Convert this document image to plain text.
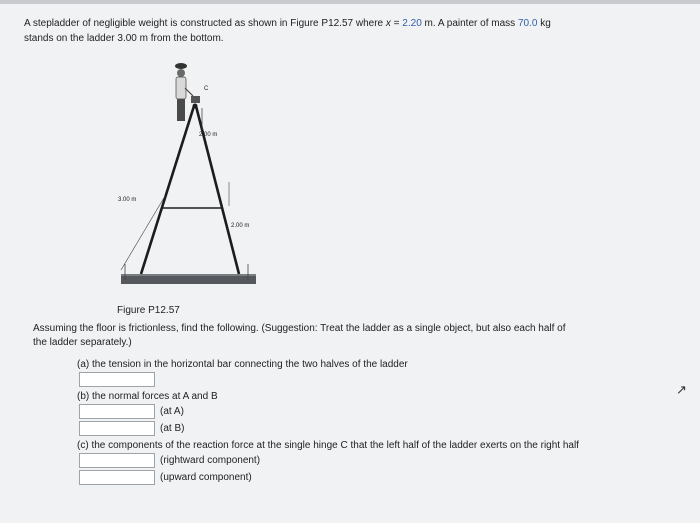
A stepladder of negligible weight is constructed as shown in Figure P12.57 where x = 2.20 m. A painter of mass 70.0 kg
stands on the ladder 3.00 m from the bottom.
C
2.00 m
3.00 m
2.00 m
Figure P12.57
Assuming the floor is frictionless, find the following. (Suggestion: Treat the ladder as a single object, but also each half of
the ladder separately.)
(a) the tension in the horizontal bar connecting the two halves of the ladder
(b) the normal forces at A and B
(at A)
(at B)
(c) the components of the reaction force at the single hinge C that the left half of the ladder exerts on the right half
(rightward component)
(upward component)
↗
